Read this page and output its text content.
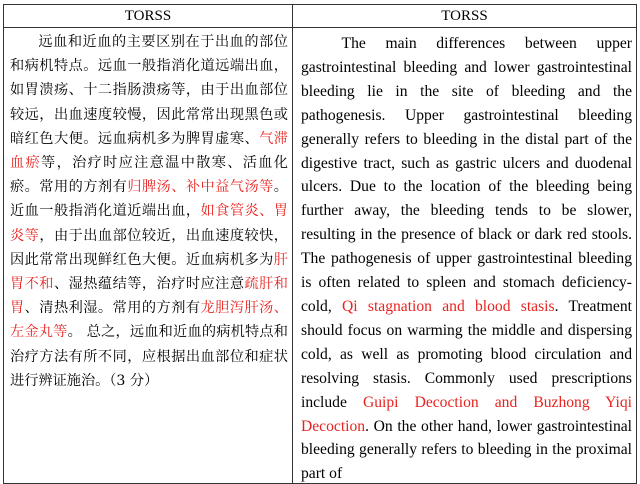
TORSS	TORSS

远血和近血的主要区别在于出血的部位和病机特点。远血一般指消化道远端出血，如胃溃疡、十二指肠溃疡等，由于出血部位较远，出血速度较慢，因此常常出现黑色或暗红色大便。远血病机多为脾胃虚寒、气滞血瘀等，治疗时应注意温中散寒、活血化瘀。常用的方剂有归脾汤、补中益气汤等。近血一般指消化道近端出血，如食管炎、胃炎等，由于出血部位较近，出血速度较快，因此常常出现鲜红色大便。近血病机多为肝胃不和、湿热蕴结等，治疗时应注意疏肝和胃、清热利湿。常用的方剂有龙胆泻肝汤、左金丸等。 总之，远血和近血的病机特点和治疗方法有所不同，应根据出血部位和症状进行辨证施治。（3 分）

The main differences between upper gastrointestinal bleeding and lower gastrointestinal bleeding lie in the site of bleeding and the pathogenesis. Upper gastrointestinal bleeding generally refers to bleeding in the distal part of the digestive tract, such as gastric ulcers and duodenal ulcers. Due to the location of the bleeding being further away, the bleeding tends to be slower, resulting in the presence of black or dark red stools. The pathogenesis of upper gastrointestinal bleeding is often related to spleen and stomach deficiency-cold, Qi stagnation and blood stasis. Treatment should focus on warming the middle and dispersing cold, as well as promoting blood circulation and resolving stasis. Commonly used prescriptions include Guipi Decoction and Buzhong Yiqi Decoction. On the other hand, lower gastrointestinal bleeding generally refers to bleeding in the proximal part of
